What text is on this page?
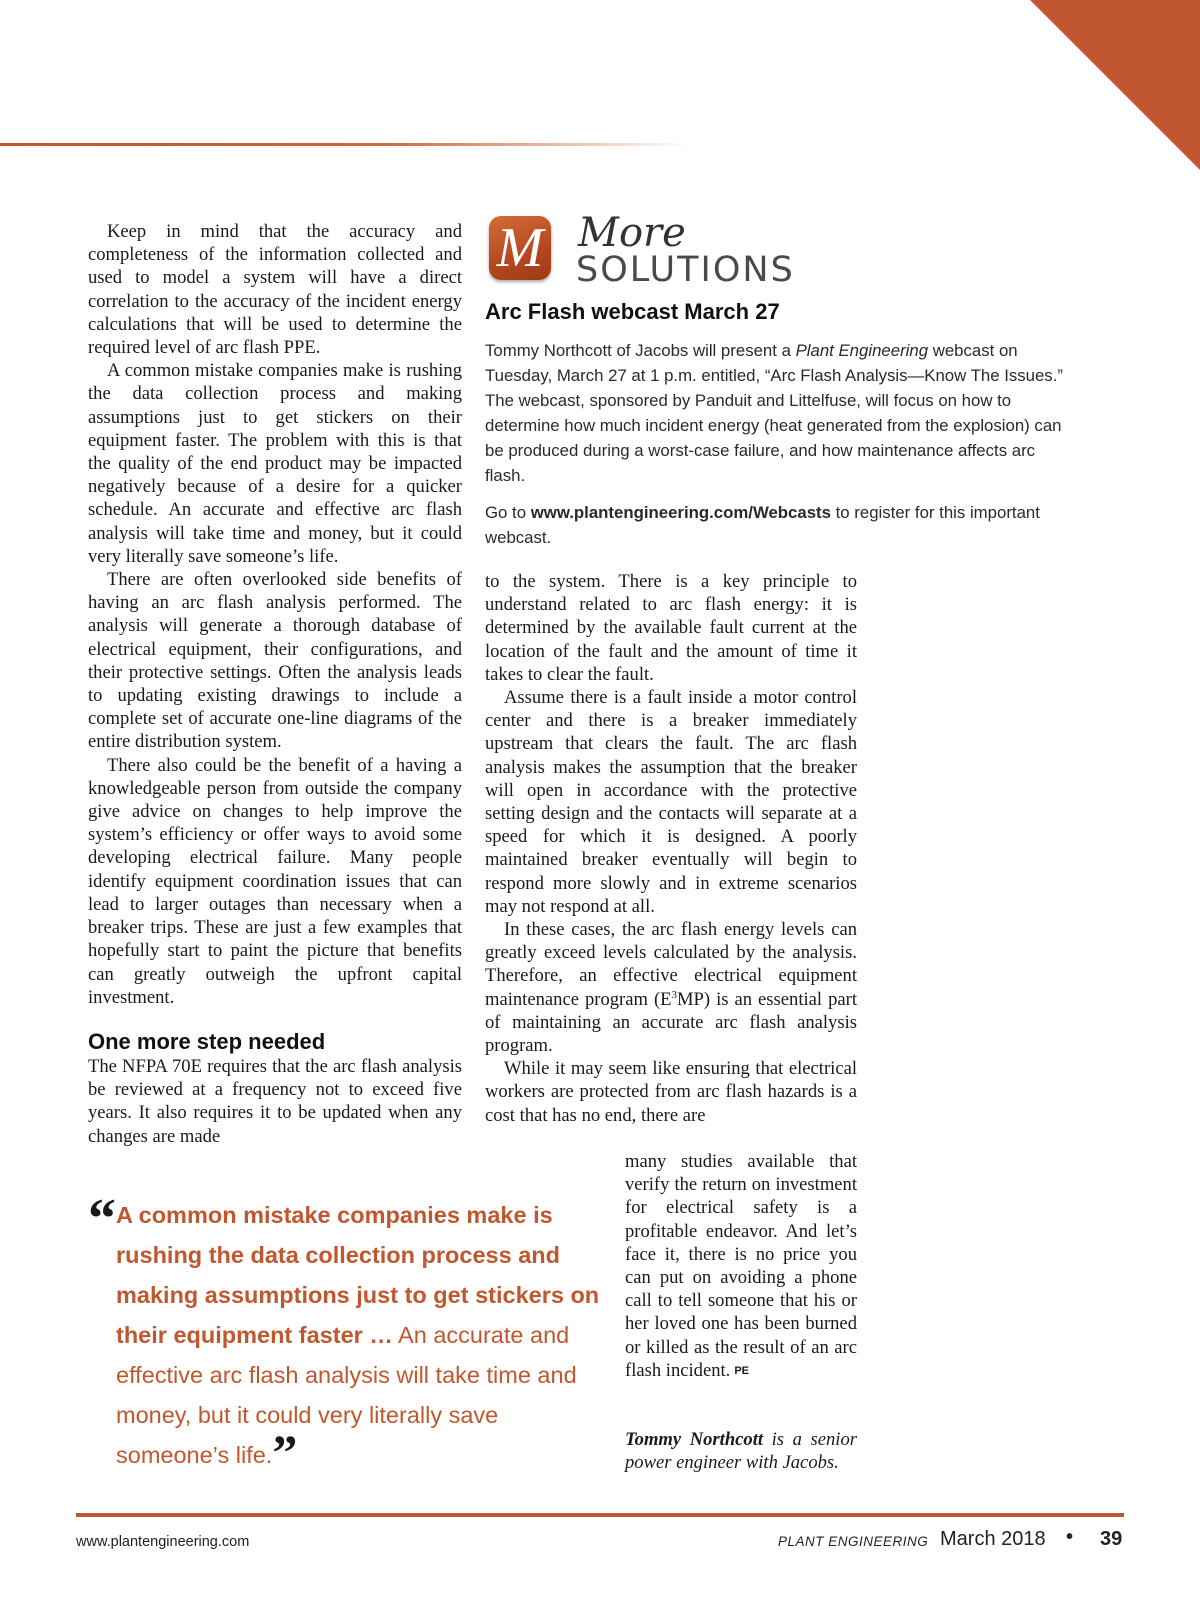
Keep in mind that the accuracy and completeness of the information collected and used to model a system will have a direct correlation to the accuracy of the incident energy calculations that will be used to determine the required level of arc flash PPE.

A common mistake companies make is rushing the data collection process and making assumptions just to get stickers on their equipment faster. The problem with this is that the quality of the end product may be impacted negatively because of a desire for a quicker schedule. An accurate and effective arc flash analysis will take time and money, but it could very literally save someone’s life.

There are often overlooked side benefits of having an arc flash analysis performed. The analysis will generate a thorough database of electrical equipment, their configurations, and their protective settings. Often the analysis leads to updating existing drawings to include a complete set of accurate one-line diagrams of the entire distribution system.

There also could be the benefit of a having a knowledgeable person from outside the company give advice on changes to help improve the system’s efficiency or offer ways to avoid some developing electrical failure. Many people identify equipment coordination issues that can lead to larger outages than necessary when a breaker trips. These are just a few examples that hopefully start to paint the picture that benefits can greatly outweigh the upfront capital investment.

One more step needed

The NFPA 70E requires that the arc flash analysis be reviewed at a frequency not to exceed five years. It also requires it to be updated when any changes are made

M More
SOLUTIONS
Arc Flash webcast March 27
Tommy Northcott of Jacobs will present a Plant Engineering webcast on Tuesday, March 27 at 1 p.m. entitled, “Arc Flash Analysis—Know The Issues.” The webcast, sponsored by Panduit and Littelfuse, will focus on how to determine how much incident energy (heat generated from the explosion) can be produced during a worst-case failure, and how maintenance affects arc flash.
Go to www.plantengineering.com/Webcasts to register for this important webcast.

to the system. There is a key principle to understand related to arc flash energy: it is determined by the available fault current at the location of the fault and the amount of time it takes to clear the fault.

Assume there is a fault inside a motor control center and there is a breaker immediately upstream that clears the fault. The arc flash analysis makes the assumption that the breaker will open in accordance with the protective setting design and the contacts will separate at a speed for which it is designed. A poorly maintained breaker eventually will begin to respond more slowly and in extreme scenarios may not respond at all.

In these cases, the arc flash energy levels can greatly exceed levels calculated by the analysis. Therefore, an effective electrical equipment maintenance program $(E^3MP)$ is an essential part of maintaining an accurate arc flash analysis program.

While it may seem like ensuring that electrical workers are protected from arc flash hazards is a cost that has no end, there are

many studies available that verify the return on investment for electrical safety is a profitable endeavor. And let’s face it, there is no price you can put on avoiding a phone call to tell someone that his or her loved one has been burned or killed as the result of an arc flash incident. PE

Tommy Northcott is a senior power engineer with Jacobs.
“ A common mistake companies make is rushing the data collection process and making assumptions just to get stickers on their equipment faster … An accurate and effective arc flash analysis will take time and money, but it could very literally save someone’s life.”

www.plantengineering.com	PLANT ENGINEERING March 2018 • 39
